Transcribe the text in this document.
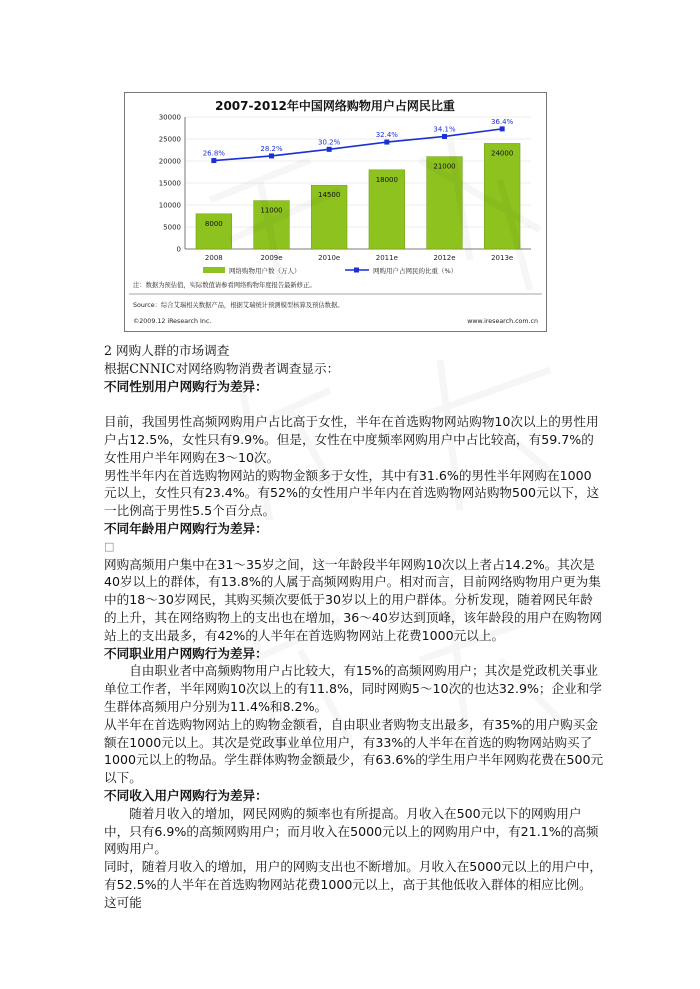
2007-2012年中国网络购物用户占网民比重
0
5000
10000
15000
20000
25000
30000
8000
2008
11000
2009e
14500
2010e
18000
2011e
21000
2012e
24000
2013e
26.8%
28.2%
30.2%
32.4%
34.1%
36.4%
网络购物用户数（万人）	网购用户占网民的比重（%）
注：数据为预估值，实际数值请参看网络购物年度报告最新修正。
Source：综合艾瑞相关数据产品，根据艾瑞统计预测模型核算及预估数据。
©2009.12 iResearch Inc.	www.iresearch.com.cn

2 网购人群的市场调查

根据CNNIC对网络购物消费者调查显示：

不同性别用户网购行为差异：

目前，我国男性高频网购用户占比高于女性，半年在首选购物网站购物10次以上的男性用户占12.5%，女性只有9.9%。但是，女性在中度频率网购用户中占比较高，有59.7%的女性用户半年网购在3～10次。

男性半年内在首选购物网站的购物金额多于女性，其中有31.6%的男性半年网购在1000元以上，女性只有23.4%。有52%的女性用户半年内在首选购物网站购物500元以下，这一比例高于男性5.5个百分点。

不同年龄用户网购行为差异：

□

网购高频用户集中在31～35岁之间，这一年龄段半年网购10次以上者占14.2%。其次是40岁以上的群体，有13.8%的人属于高频网购用户。相对而言，目前网络购物用户更为集中的18～30岁网民，其购买频次要低于30岁以上的用户群体。分析发现，随着网民年龄的上升，其在网络购物上的支出也在增加，36～40岁达到顶峰，该年龄段的用户在购物网站上的支出最多，有42%的人半年在首选购物网站上花费1000元以上。

不同职业用户网购行为差异：

自由职业者中高频购物用户占比较大，有15%的高频网购用户；其次是党政机关事业单位工作者，半年网购10次以上的有11.8%，同时网购5～10次的也达32.9%；企业和学生群体高频用户分别为11.4%和8.2%。

从半年在首选购物网站上的购物金额看，自由职业者购物支出最多，有35%的用户购买金额在1000元以上。其次是党政事业单位用户，有33%的人半年在首选的购物网站购买了1000元以上的物品。学生群体购物金额最少，有63.6%的学生用户半年网购花费在500元以下。

不同收入用户网购行为差异：

随着月收入的增加，网民网购的频率也有所提高。月收入在500元以下的网购用户中，只有6.9%的高频网购用户；而月收入在5000元以上的网购用户中，有21.1%的高频网购用户。

同时，随着月收入的增加，用户的网购支出也不断增加。月收入在5000元以上的用户中，有52.5%的人半年在首选购物网站花费1000元以上，高于其他低收入群体的相应比例。这可能
